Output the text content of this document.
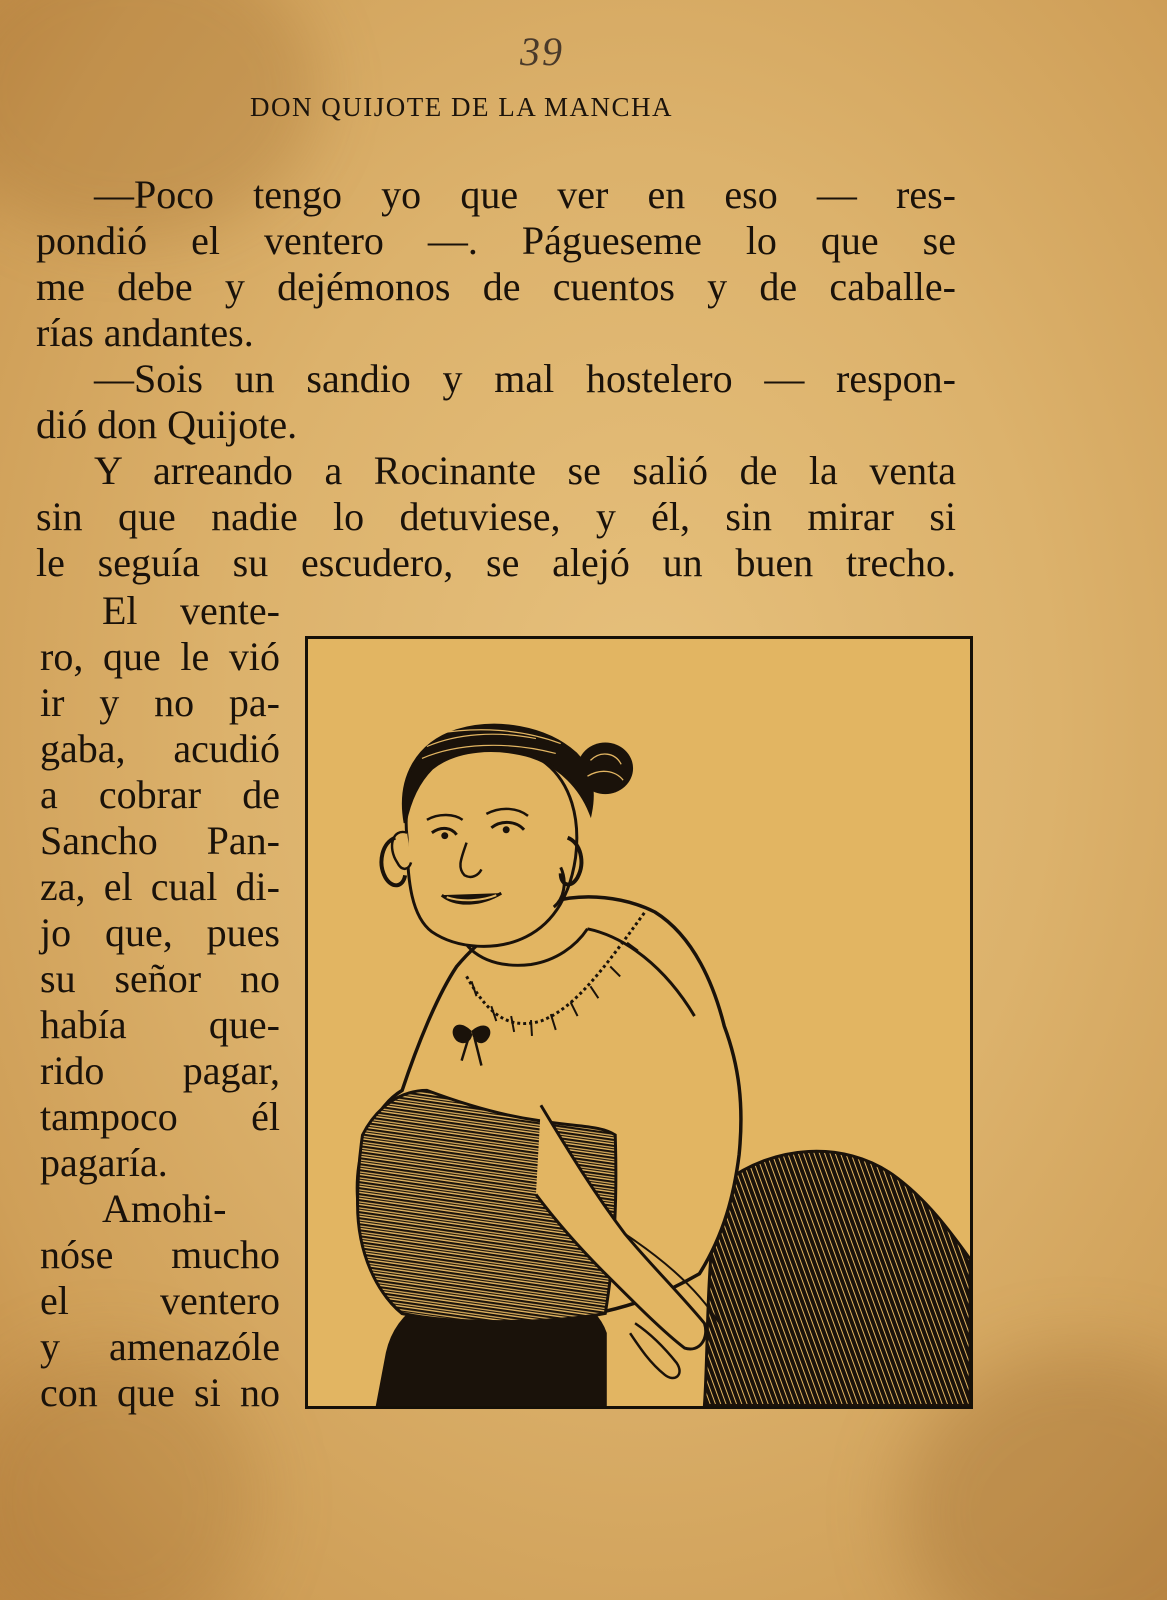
39
DON QUIJOTE DE LA MANCHA
—Poco tengo yo que ver en eso — res-
pondió el ventero —. Págueseme lo que se
me debe y dejémonos de cuentos y de caballe-
rías andantes.
—Sois un sandio y mal hostelero — respon-
dió don Quijote.
Y arreando a Rocinante se salió de la venta
sin que nadie lo detuviese, y él, sin mirar si
le seguía su escudero, se alejó un buen trecho.
El vente-
ro, que le vió
ir y no pa-
gaba, acudió
a cobrar de
Sancho Pan-
za, el cual di-
jo que, pues
su señor no
había que-
rido pagar,
tampoco él
pagaría.
Amohi-
nóse mucho
el ventero
y amenazóle
con que si no
